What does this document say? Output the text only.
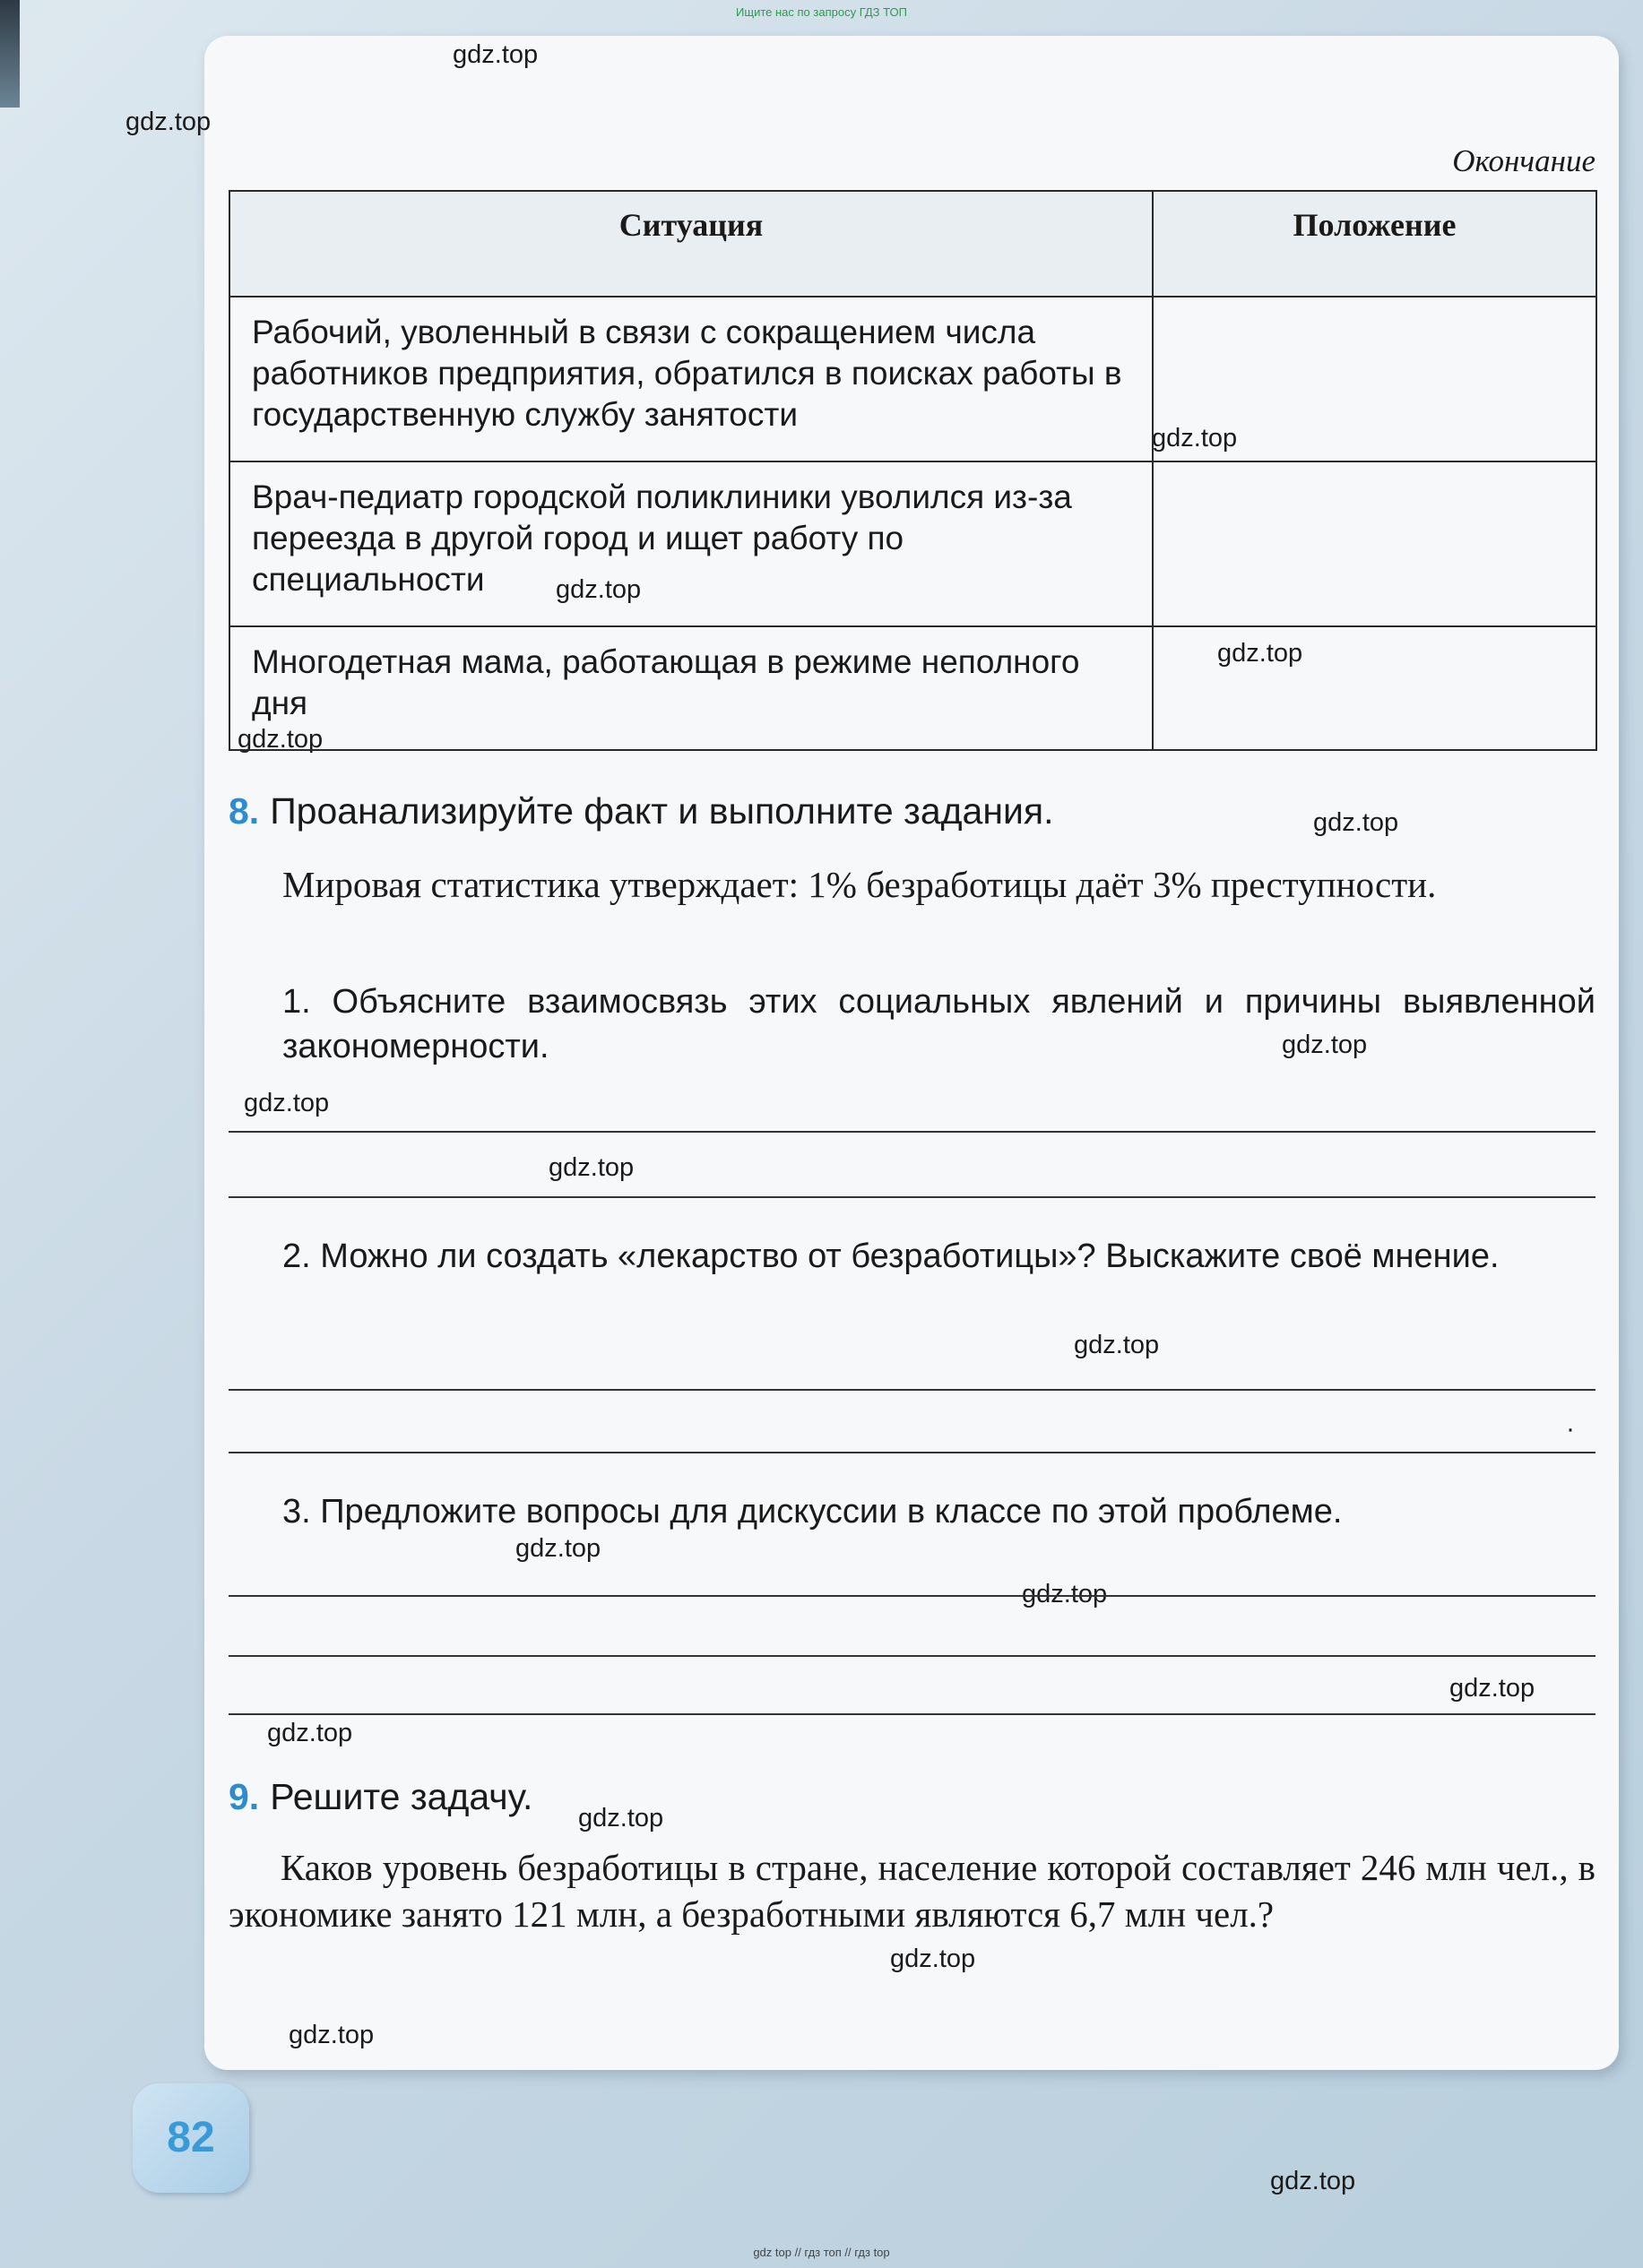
Ищите нас по запросу ГДЗ ТОП
gdz.top
gdz.top
gdz.top
gdz.top
gdz.top
gdz.top
gdz.top
gdz.top
gdz.top
gdz.top
gdz.top
gdz.top
gdz.top
gdz.top
gdz.top
gdz.top
gdz.top
gdz.top
gdz.top
Окончание
Ситуация	Положение
Рабочий, уволенный в связи с сокращением числа работников предприятия, обратился в поисках работы в государственную службу занятости	
Врач-педиатр городской поликлиники уволился из-за переезда в другой город и ищет работу по специальности	
Многодетная мама, работающая в режиме неполного дня	
8. Проанализируйте факт и выполните задания.
Мировая статистика утверждает: 1% безработицы даёт 3% преступности.
1. Объясните взаимосвязь этих социальных явлений и причины выявленной закономерности.
2. Можно ли создать «лекарство от безработицы»? Выскажите своё мнение.
·
3. Предложите вопросы для дискуссии в классе по этой проблеме.
9. Решите задачу.
Каков уровень безработицы в стране, население которой составляет 246 млн чел., в экономике занято 121 млн, а безработными являются 6,7 млн чел.?
82
gdz top // гдз топ // гдз top
